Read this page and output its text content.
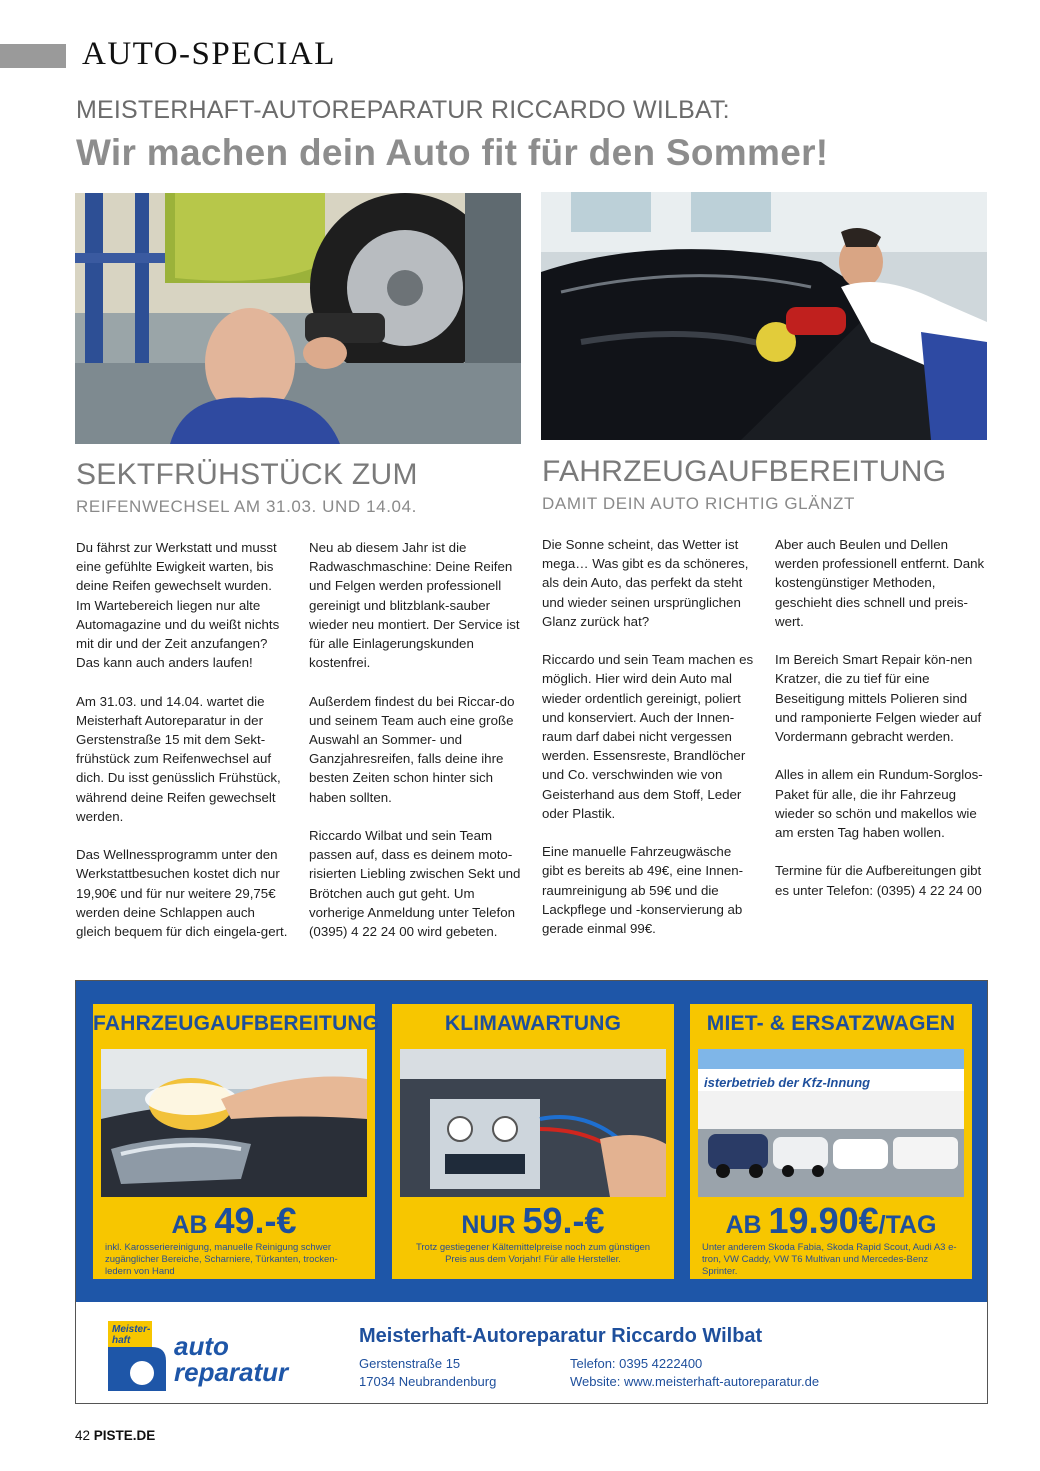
AUTO-SPECIAL
MEISTERHAFT-AUTOREPARATUR RICCARDO WILBAT:
Wir machen dein Auto fit für den Sommer!
SEKTFRÜHSTÜCK ZUM
REIFENWECHSEL AM 31.03. UND 14.04.
FAHRZEUGAUFBEREITUNG
DAMIT DEIN AUTO RICHTIG GLÄNZT

Du fährst zur Werkstatt und musst eine gefühlte Ewigkeit warten, bis deine Reifen gewechselt wurden. Im Wartebereich liegen nur alte Automagazine und du weißt nichts mit dir und der Zeit anzufangen? Das kann auch anders laufen!

Am 31.03. und 14.04. wartet die Meisterhaft Autoreparatur in der Gerstenstraße 15 mit dem Sekt-frühstück zum Reifenwechsel auf dich. Du isst genüsslich Frühstück, während deine Reifen gewechselt werden.

Das Wellnessprogramm unter den Werkstattbesuchen kostet dich nur 19,90€ und für nur weitere 29,75€ werden deine Schlappen auch gleich bequem für dich eingela-gert.

Neu ab diesem Jahr ist die Radwaschmaschine: Deine Reifen und Felgen werden professionell gereinigt und blitzblank-sauber wieder neu montiert. Der Service ist für alle Einlagerungskunden kostenfrei.

Außerdem findest du bei Riccar-do und seinem Team auch eine große Auswahl an Sommer- und Ganzjahresreifen, falls deine ihre besten Zeiten schon hinter sich haben sollten.

Riccardo Wilbat und sein Team passen auf, dass es deinem moto-risierten Liebling zwischen Sekt und Brötchen auch gut geht. Um vorherige Anmeldung unter Telefon (0395) 4 22 24 00 wird gebeten.

Die Sonne scheint, das Wetter ist mega… Was gibt es da schöneres, als dein Auto, das perfekt da steht und wieder seinen ursprünglichen Glanz zurück hat?

Riccardo und sein Team machen es möglich. Hier wird dein Auto mal wieder ordentlich gereinigt, poliert und konserviert. Auch der Innen-raum darf dabei nicht vergessen werden. Essensreste, Brandlöcher und Co. verschwinden wie von Geisterhand aus dem Stoff, Leder oder Plastik.

Eine manuelle Fahrzeugwäsche gibt es bereits ab 49€, eine Innen-raumreinigung ab 59€ und die Lackpflege und -konservierung ab gerade einmal 99€.

Aber auch Beulen und Dellen werden professionell entfernt. Dank kostengünstiger Methoden, geschieht dies schnell und preis-wert.

Im Bereich Smart Repair kön-nen Kratzer, die zu tief für eine Beseitigung mittels Polieren sind und ramponierte Felgen wieder auf Vordermann gebracht werden.

Alles in allem ein Rundum-Sorglos-Paket für alle, die ihr Fahrzeug wieder so schön und makellos wie am ersten Tag haben wollen.

Termine für die Aufbereitungen gibt es unter Telefon: (0395) 4 22 24 00

FAHRZEUGAUFBEREITUNG
AB 49.-€
inkl. Karosseriereinigung, manuelle Reinigung schwer zugänglicher Bereiche, Scharniere, Türkanten, trocken-ledern von Hand
KLIMAWARTUNG
NUR 59.-€
Trotz gestiegener Kältemittelpreise noch zum günstigen Preis aus dem Vorjahr! Für alle Hersteller.
MIET- & ERSATZWAGEN
isterbetrieb der Kfz-Innung
AB 19.90€/TAG
Unter anderem Skoda Fabia, Skoda Rapid Scout, Audi A3 e-tron, VW Caddy, VW T6 Multivan und Mercedes-Benz Sprinter.
Meister-
haft	auto
reparatur
Meisterhaft-Autoreparatur Riccardo Wilbat
Gerstenstraße 15
17034 Neubrandenburg
Telefon: 0395 4222400
Website: www.meisterhaft-autoreparatur.de
42 PISTE.DE
